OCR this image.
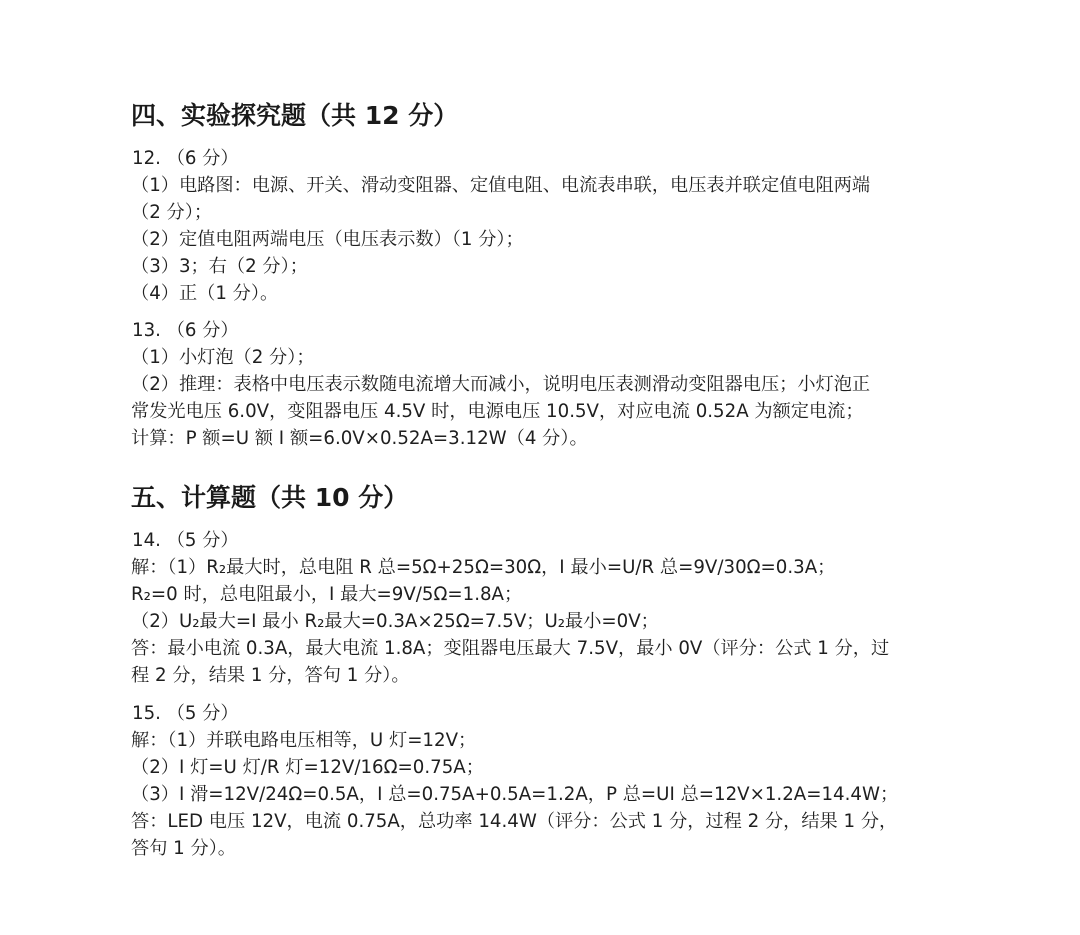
四、实验探究题（共 12 分）

12. （6 分）

（1）电路图：电源、开关、滑动变阻器、定值电阻、电流表串联，电压表并联定值电阻两端

（2 分）；

（2）定值电阻两端电压（电压表示数）（1 分）；

（3）3；右（2 分）；

（4）正（1 分）。

13. （6 分）

（1）小灯泡（2 分）；

（2）推理：表格中电压表示数随电流增大而减小，说明电压表测滑动变阻器电压；小灯泡正

常发光电压 6.0V，变阻器电压 4.5V 时，电源电压 10.5V，对应电流 0.52A 为额定电流；

计算：P 额=U 额 I 额=6.0V×0.52A=3.12W（4 分）。

五、计算题（共 10 分）

14. （5 分）

解：（1）R₂最大时，总电阻 R 总=5Ω+25Ω=30Ω，I 最小=U/R 总=9V/30Ω=0.3A；

R₂=0 时，总电阻最小，I 最大=9V/5Ω=1.8A；

（2）U₂最大=I 最小 R₂最大=0.3A×25Ω=7.5V；U₂最小=0V；

答：最小电流 0.3A，最大电流 1.8A；变阻器电压最大 7.5V，最小 0V（评分：公式 1 分，过

程 2 分，结果 1 分，答句 1 分）。

15. （5 分）

解：（1）并联电路电压相等，U 灯=12V；

（2）I 灯=U 灯/R 灯=12V/16Ω=0.75A；

（3）I 滑=12V/24Ω=0.5A，I 总=0.75A+0.5A=1.2A，P 总=UI 总=12V×1.2A=14.4W；

答：LED 电压 12V，电流 0.75A，总功率 14.4W（评分：公式 1 分，过程 2 分，结果 1 分，

答句 1 分）。
